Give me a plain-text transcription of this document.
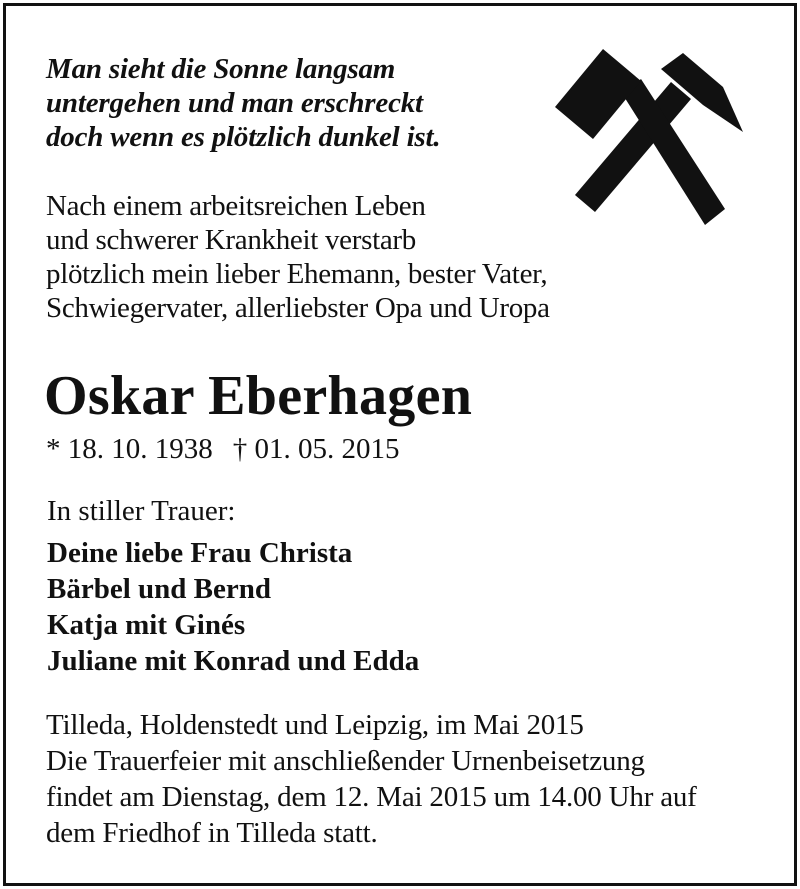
Man sieht die Sonne langsam
untergehen und man erschreckt
doch wenn es plötzlich dunkel ist.

Nach einem arbeitsreichen Leben
und schwerer Krankheit verstarb
plötzlich mein lieber Ehemann, bester Vater,
Schwiegervater, allerliebster Opa und Uropa

Oskar Eberhagen
* 18. 10. 1938 † 01. 05. 2015
In stiller Trauer:
Deine liebe Frau Christa
Bärbel und Bernd
Katja mit Ginés
Juliane mit Konrad und Edda

Tilleda, Holdenstedt und Leipzig, im Mai 2015
Die Trauerfeier mit anschließender Urnenbeisetzung
findet am Dienstag, dem 12. Mai 2015 um 14.00 Uhr auf
dem Friedhof in Tilleda statt.
